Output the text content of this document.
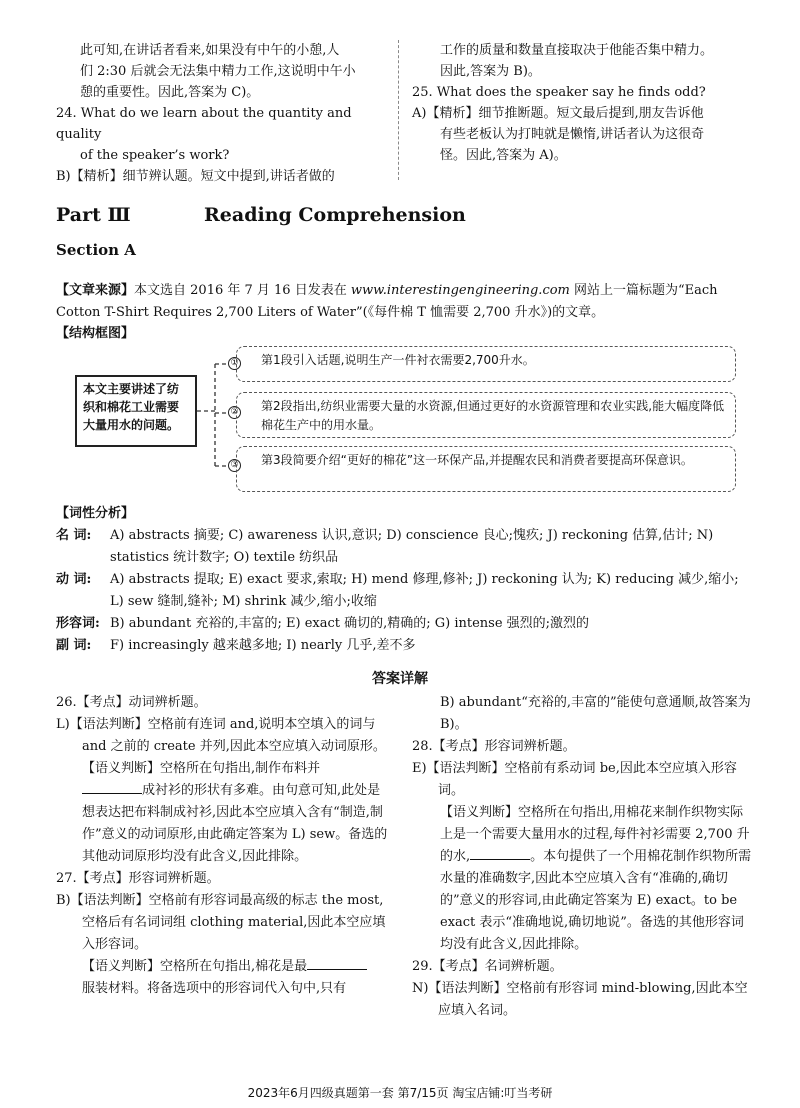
此可知,在讲话者看来,如果没有中午的小憩,人

们 2:30 后就会无法集中精力工作,这说明中午小

憩的重要性。因此,答案为 C)。

24. What do we learn about the quantity and quality

of the speaker’s work?

B)【精析】细节辨认题。短文中提到,讲话者做的

工作的质量和数量直接取决于他能否集中精力。

因此,答案为 B)。

25. What does the speaker say he finds odd?

A)【精析】细节推断题。短文最后提到,朋友告诉他

有些老板认为打盹就是懒惰,讲话者认为这很奇

怪。因此,答案为 A)。

Part Ⅲ	Reading Comprehension
Section A
【文章来源】本文选自 2016 年 7 月 16 日发表在 www.interestingengineering.com 网站上一篇标题为“Each Cotton T-Shirt Requires 2,700 Liters of Water”(《每件棉 T 恤需要 2,700 升水》)的文章。
【结构框图】
本文主要讲述了纺织和棉花工业需要大量用水的问题。
①	第1段引入话题,说明生产一件衬衣需要2,700升水。
②	第2段指出,纺织业需要大量的水资源,但通过更好的水资源管理和农业实践,能大幅度降低棉花生产中的用水量。
③	第3段简要介绍“更好的棉花”这一环保产品,并提醒农民和消费者要提高环保意识。
【词性分析】
名 词: A) abstracts 摘要; C) awareness 认识,意识; D) conscience 良心;愧疚; J) reckoning 估算,估计; N) statistics 统计数字; O) textile 纺织品
动 词: A) abstracts 提取; E) exact 要求,索取; H) mend 修理,修补; J) reckoning 认为; K) reducing 减少,缩小; L) sew 缝制,缝补; M) shrink 减少,缩小;收缩
形容词: B) abundant 充裕的,丰富的; E) exact 确切的,精确的; G) intense 强烈的;激烈的
副 词: F) increasingly 越来越多地; I) nearly 几乎,差不多
答案详解

26.【考点】动词辨析题。

L)【语法判断】空格前有连词 and,说明本空填入的词与 and 之前的 create 并列,因此本空应填入动词原形。

【语义判断】空格所在句指出,制作布料并
成衬衫的形状有多难。由句意可知,此处是想表达把布料制成衬衫,因此本空应填入含有“制造,制作”意义的动词原形,由此确定答案为 L) sew。备选的其他动词原形均没有此含义,因此排除。

27.【考点】形容词辨析题。

B)【语法判断】空格前有形容词最高级的标志 the most,空格后有名词词组 clothing material,因此本空应填入形容词。

【语义判断】空格所在句指出,棉花是最
服装材料。将备选项中的形容词代入句中,只有

B) abundant“充裕的,丰富的”能使句意通顺,故答案为 B)。

28.【考点】形容词辨析题。

E)【语法判断】空格前有系动词 be,因此本空应填入形容词。

【语义判断】空格所在句指出,用棉花来制作织物实际上是一个需要大量用水的过程,每件衬衫需要 2,700 升的水,	。本句提供了一个用棉花制作织物所需水量的准确数字,因此本空应填入含有“准确的,确切的”意义的形容词,由此确定答案为 E) exact。to be exact 表示“准确地说,确切地说”。备选的其他形容词均没有此含义,因此排除。

29.【考点】名词辨析题。

N)【语法判断】空格前有形容词 mind-blowing,因此本空应填入名词。

2023年6月四级真题第一套 第7/15页 淘宝店铺:叮当考研
